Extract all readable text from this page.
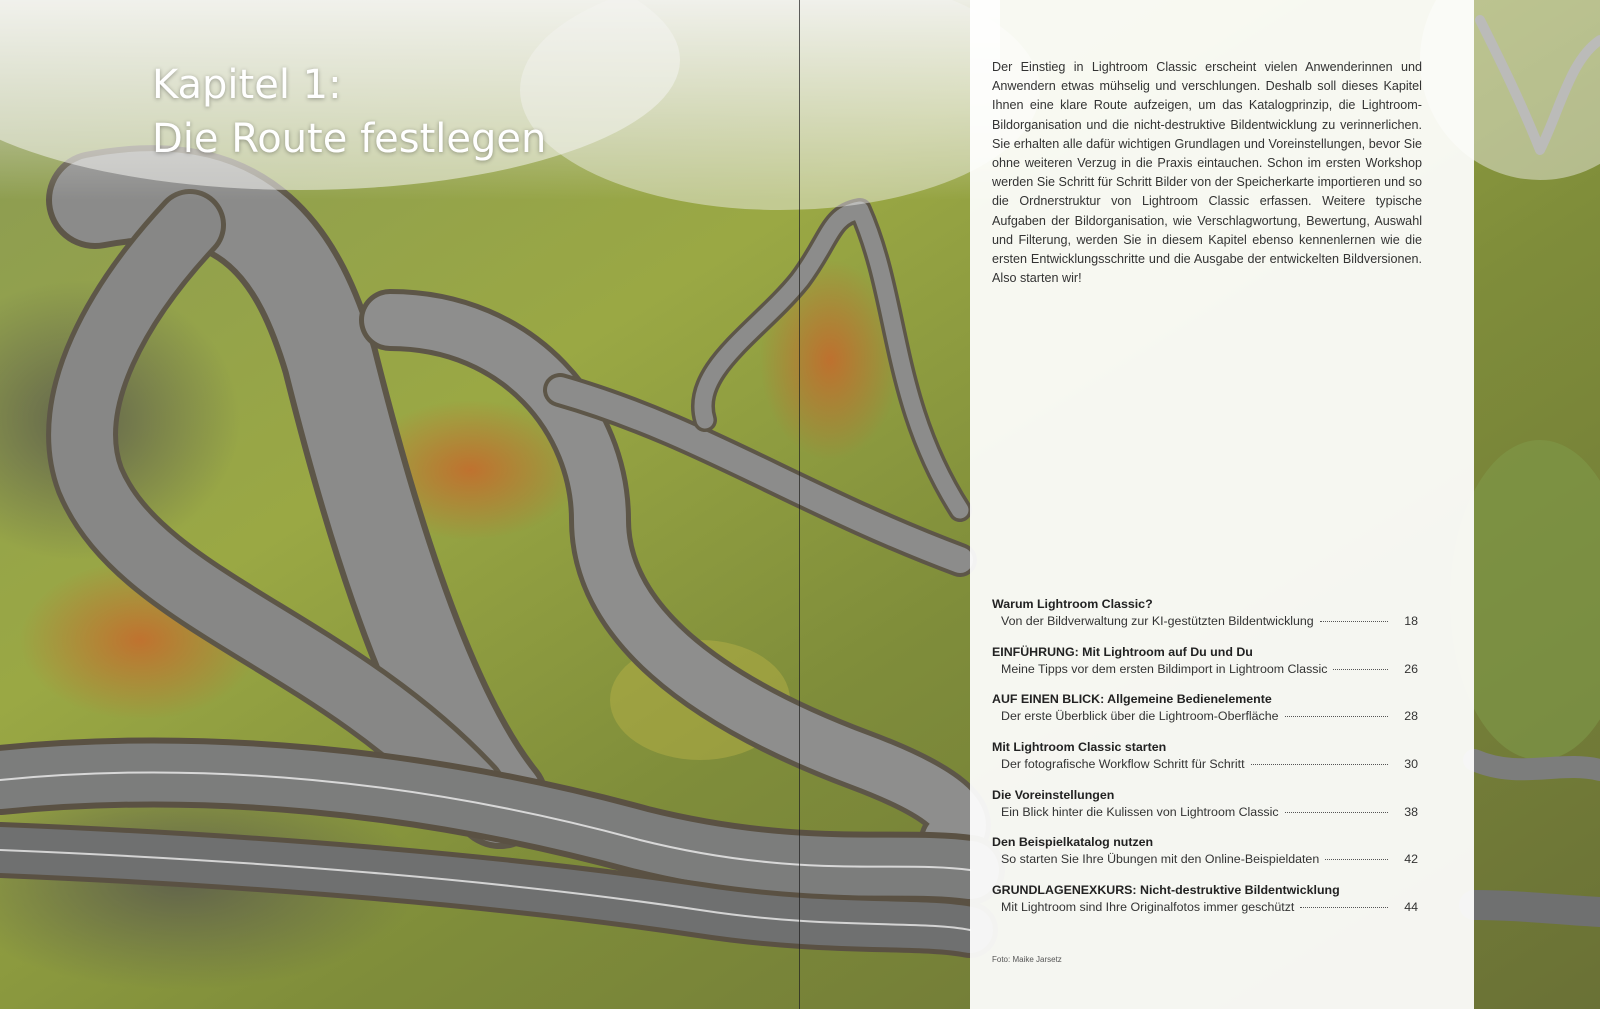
Kapitel 1:
Die Route festlegen

Der Einstieg in Lightroom Classic erscheint vielen Anwenderinnen und Anwendern etwas mühselig und verschlungen. Deshalb soll dieses Kapitel Ihnen eine klare Route aufzeigen, um das Katalogprinzip, die Lightroom-Bildorganisation und die nicht-destruktive Bildentwicklung zu verinnerlichen. Sie erhalten alle dafür wichtigen Grundlagen und Voreinstellungen, bevor Sie ohne weiteren Verzug in die Praxis eintauchen. Schon im ersten Workshop werden Sie Schritt für Schritt Bilder von der Speicherkarte importieren und so die Ordnerstruktur von Lightroom Classic erfassen. Weitere typische Aufgaben der Bildorganisation, wie Verschlagwortung, Bewertung, Auswahl und Filterung, werden Sie in diesem Kapitel ebenso kennenlernen wie die ersten Entwicklungsschritte und die Ausgabe der entwickelten Bildversionen. Also starten wir!

Warum Lightroom Classic?
Von der Bildverwaltung zur KI-gestützten Bildentwicklung	18
EINFÜHRUNG: Mit Lightroom auf Du und Du
Meine Tipps vor dem ersten Bildimport in Lightroom Classic	26
AUF EINEN BLICK: Allgemeine Bedienelemente
Der erste Überblick über die Lightroom-Oberfläche	28
Mit Lightroom Classic starten
Der fotografische Workflow Schritt für Schritt	30
Die Voreinstellungen
Ein Blick hinter die Kulissen von Lightroom Classic	38
Den Beispielkatalog nutzen
So starten Sie Ihre Übungen mit den Online-Beispieldaten	42
GRUNDLAGENEXKURS: Nicht-destruktive Bildentwicklung
Mit Lightroom sind Ihre Originalfotos immer geschützt	44
Foto: Maike Jarsetz
